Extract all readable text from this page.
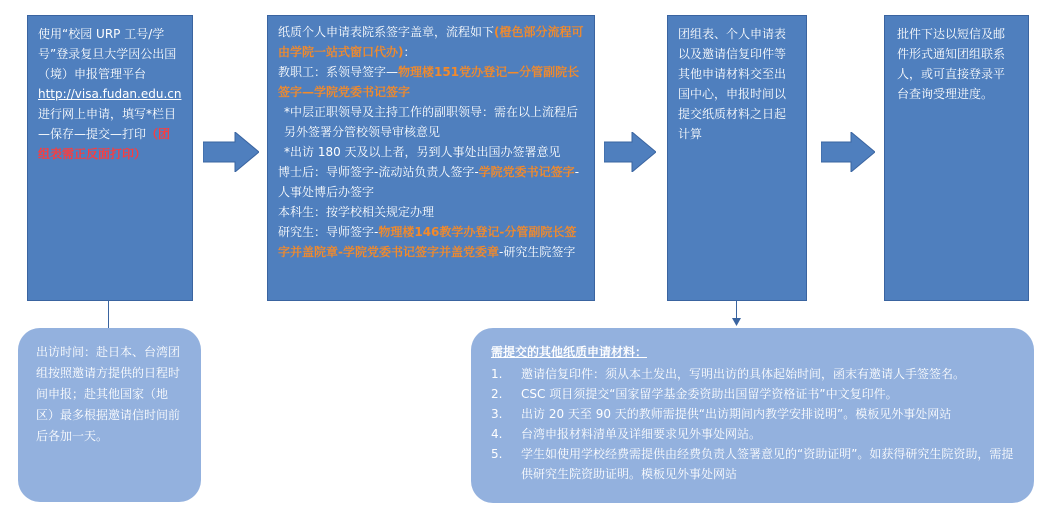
使用“校园 URP 工号/学号”登录复旦大学因公出国（境）申报管理平台http://visa.fudan.edu.cn进行网上申请，填写*栏目—保存—提交—打印（团组表需正反面打印）
纸质个人申请表院系签字盖章，流程如下(橙色部分流程可由学院一站式窗口代办)：
教职工：系领导签字—物理楼151党办登记—分管副院长签字—学院党委书记签字
*中层正职领导及主持工作的副职领导：需在以上流程后另外签署分管校领导审核意见
*出访 180 天及以上者，另到人事处出国办签署意见
博士后：导师签字-流动站负责人签字-学院党委书记签字-人事处博后办签字
本科生：按学校相关规定办理
研究生：导师签字-物理楼146教学办登记-分管副院长签字并盖院章-学院党委书记签字并盖党委章-研究生院签字
团组表、个人申请表以及邀请信复印件等其他申请材料交至出国中心，申报时间以提交纸质材料之日起计算
批件下达以短信及邮件形式通知团组联系人，或可直接登录平台查询受理进度。
出访时间：赴日本、台湾团组按照邀请方提供的日程时间申报；赴其他国家（地区）最多根据邀请信时间前后各加一天。
需提交的其他纸质申请材料：
1. 邀请信复印件：须从本土发出，写明出访的具体起始时间，函末有邀请人手签签名。
2. CSC 项目须提交“国家留学基金委资助出国留学资格证书”中文复印件。
3. 出访 20 天至 90 天的教师需提供“出访期间内教学安排说明”。模板见外事处网站
4. 台湾申报材料清单及详细要求见外事处网站。
5. 学生如使用学校经费需提供由经费负责人签署意见的“资助证明”。如获得研究生院资助，需提供研究生院资助证明。模板见外事处网站
